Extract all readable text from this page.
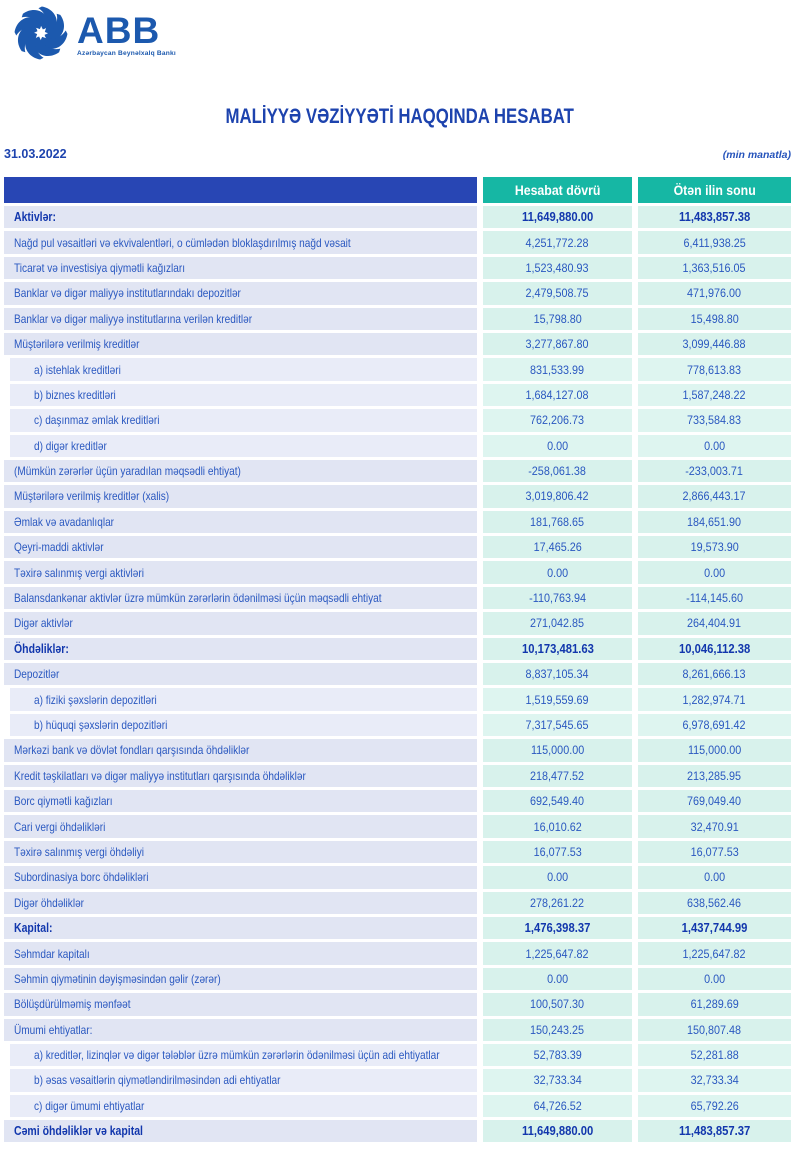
ABB
Azərbaycan Beynəlxalq Bankı
MALİYYƏ VƏZİYYƏTİ HAQQINDA HESABAT
31.03.2022	(min manatla)
Hesabat dövrü	Ötən ilin sonu
Aktivlər:	11,649,880.00	11,483,857.38
Nağd pul vəsaitləri və ekvivalentləri, o cümlədən bloklaşdırılmış nağd vəsait	4,251,772.28	6,411,938.25
Ticarət və investisiya qiymətli kağızları	1,523,480.93	1,363,516.05
Banklar və digər maliyyə institutlarındakı depozitlər	2,479,508.75	471,976.00
Banklar və digər maliyyə institutlarına verilən kreditlər	15,798.80	15,498.80
Müştərilərə verilmiş kreditlər	3,277,867.80	3,099,446.88
a) istehlak kreditləri	831,533.99	778,613.83
b) biznes kreditləri	1,684,127.08	1,587,248.22
c) daşınmaz əmlak kreditləri	762,206.73	733,584.83
d) digər kreditlər	0.00	0.00
(Mümkün zərərlər üçün yaradılan məqsədli ehtiyat)	-258,061.38	-233,003.71
Müştərilərə verilmiş kreditlər (xalis)	3,019,806.42	2,866,443.17
Əmlak və avadanlıqlar	181,768.65	184,651.90
Qeyri-maddi aktivlər	17,465.26	19,573.90
Təxirə salınmış vergi aktivləri	0.00	0.00
Balansdankənar aktivlər üzrə mümkün zərərlərin ödənilməsi üçün məqsədli ehtiyat	-110,763.94	-114,145.60
Digər aktivlər	271,042.85	264,404.91
Öhdəliklər:	10,173,481.63	10,046,112.38
Depozitlər	8,837,105.34	8,261,666.13
a) fiziki şəxslərin depozitləri	1,519,559.69	1,282,974.71
b) hüquqi şəxslərin depozitləri	7,317,545.65	6,978,691.42
Mərkəzi bank və dövlət fondları qarşısında öhdəliklər	115,000.00	115,000.00
Kredit təşkilatları və digər maliyyə institutları qarşısında öhdəliklər	218,477.52	213,285.95
Borc qiymətli kağızları	692,549.40	769,049.40
Cari vergi öhdəlikləri	16,010.62	32,470.91
Təxirə salınmış vergi öhdəliyi	16,077.53	16,077.53
Subordinasiya borc öhdəlikləri	0.00	0.00
Digər öhdəliklər	278,261.22	638,562.46
Kapital:	1,476,398.37	1,437,744.99
Səhmdar kapitalı	1,225,647.82	1,225,647.82
Səhmin qiymətinin dəyişməsindən gəlir (zərər)	0.00	0.00
Bölüşdürülməmiş mənfəət	100,507.30	61,289.69
Ümumi ehtiyatlar:	150,243.25	150,807.48
a) kreditlər, lizinqlər və digər tələblər üzrə mümkün zərərlərin ödənilməsi üçün adi ehtiyatlar	52,783.39	52,281.88
b) əsas vəsaitlərin qiymətləndirilməsindən adi ehtiyatlar	32,733.34	32,733.34
c) digər ümumi ehtiyatlar	64,726.52	65,792.26
Cəmi öhdəliklər və kapital	11,649,880.00	11,483,857.37
